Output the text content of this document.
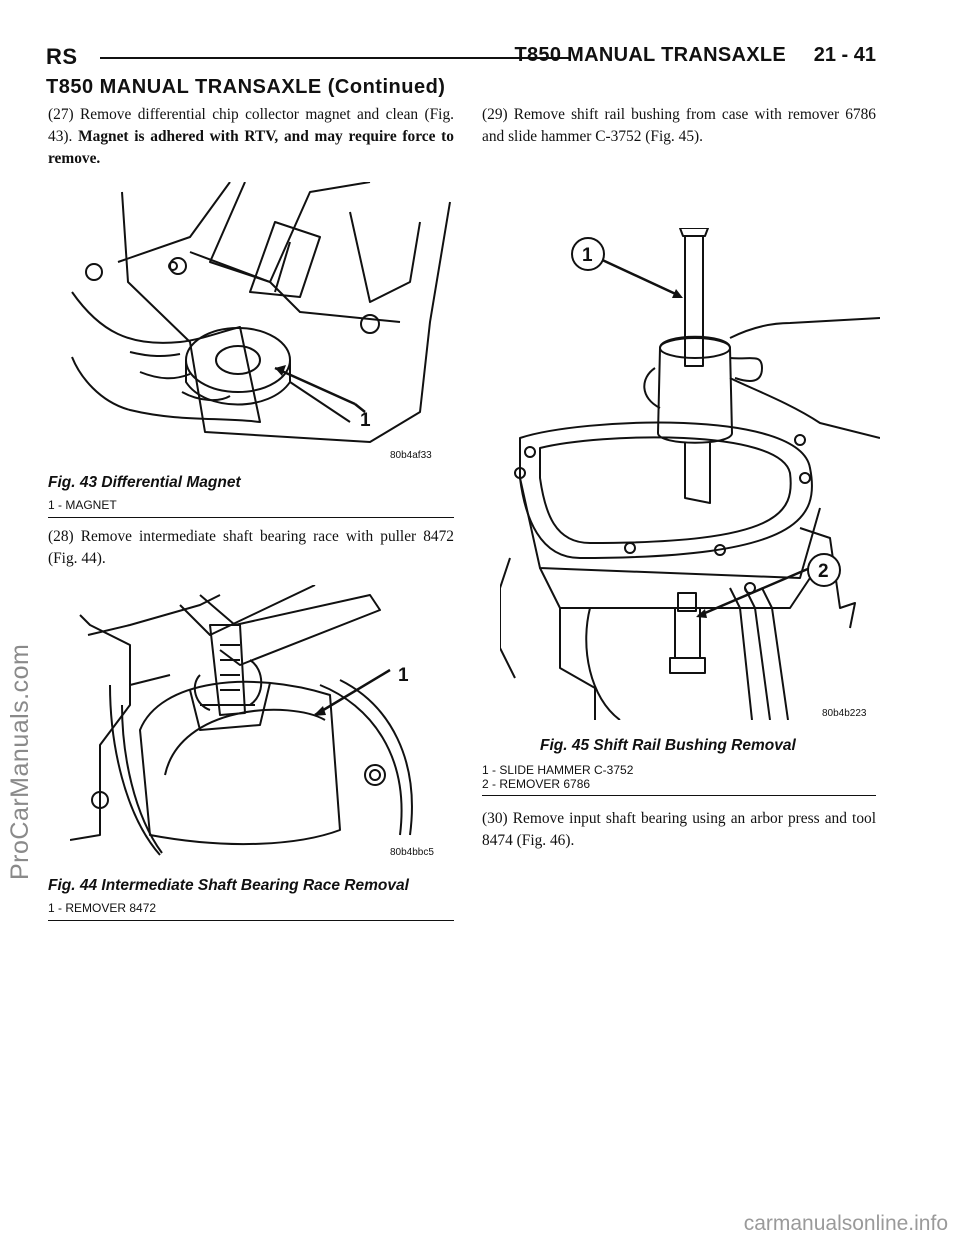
RS	T850 MANUAL TRANSAXLE 21 - 41
T850 MANUAL TRANSAXLE (Continued)

(27) Remove differential chip collector magnet and clean (Fig. 43). Magnet is adhered with RTV, and may require force to remove.

1
80b4af33
Fig. 43 Differential Magnet
1 - MAGNET

(28) Remove intermediate shaft bearing race with puller 8472 (Fig. 44).

1
80b4bbc5
Fig. 44 Intermediate Shaft Bearing Race Removal
1 - REMOVER 8472

(29) Remove shift rail bushing from case with remover 6786 and slide hammer C-3752 (Fig. 45).

1
2
80b4b223
Fig. 45 Shift Rail Bushing Removal
1 - SLIDE HAMMER C-3752
2 - REMOVER 6786

(30) Remove input shaft bearing using an arbor press and tool 8474 (Fig. 46).

ProCarManuals.com
carmanualsonline.info
